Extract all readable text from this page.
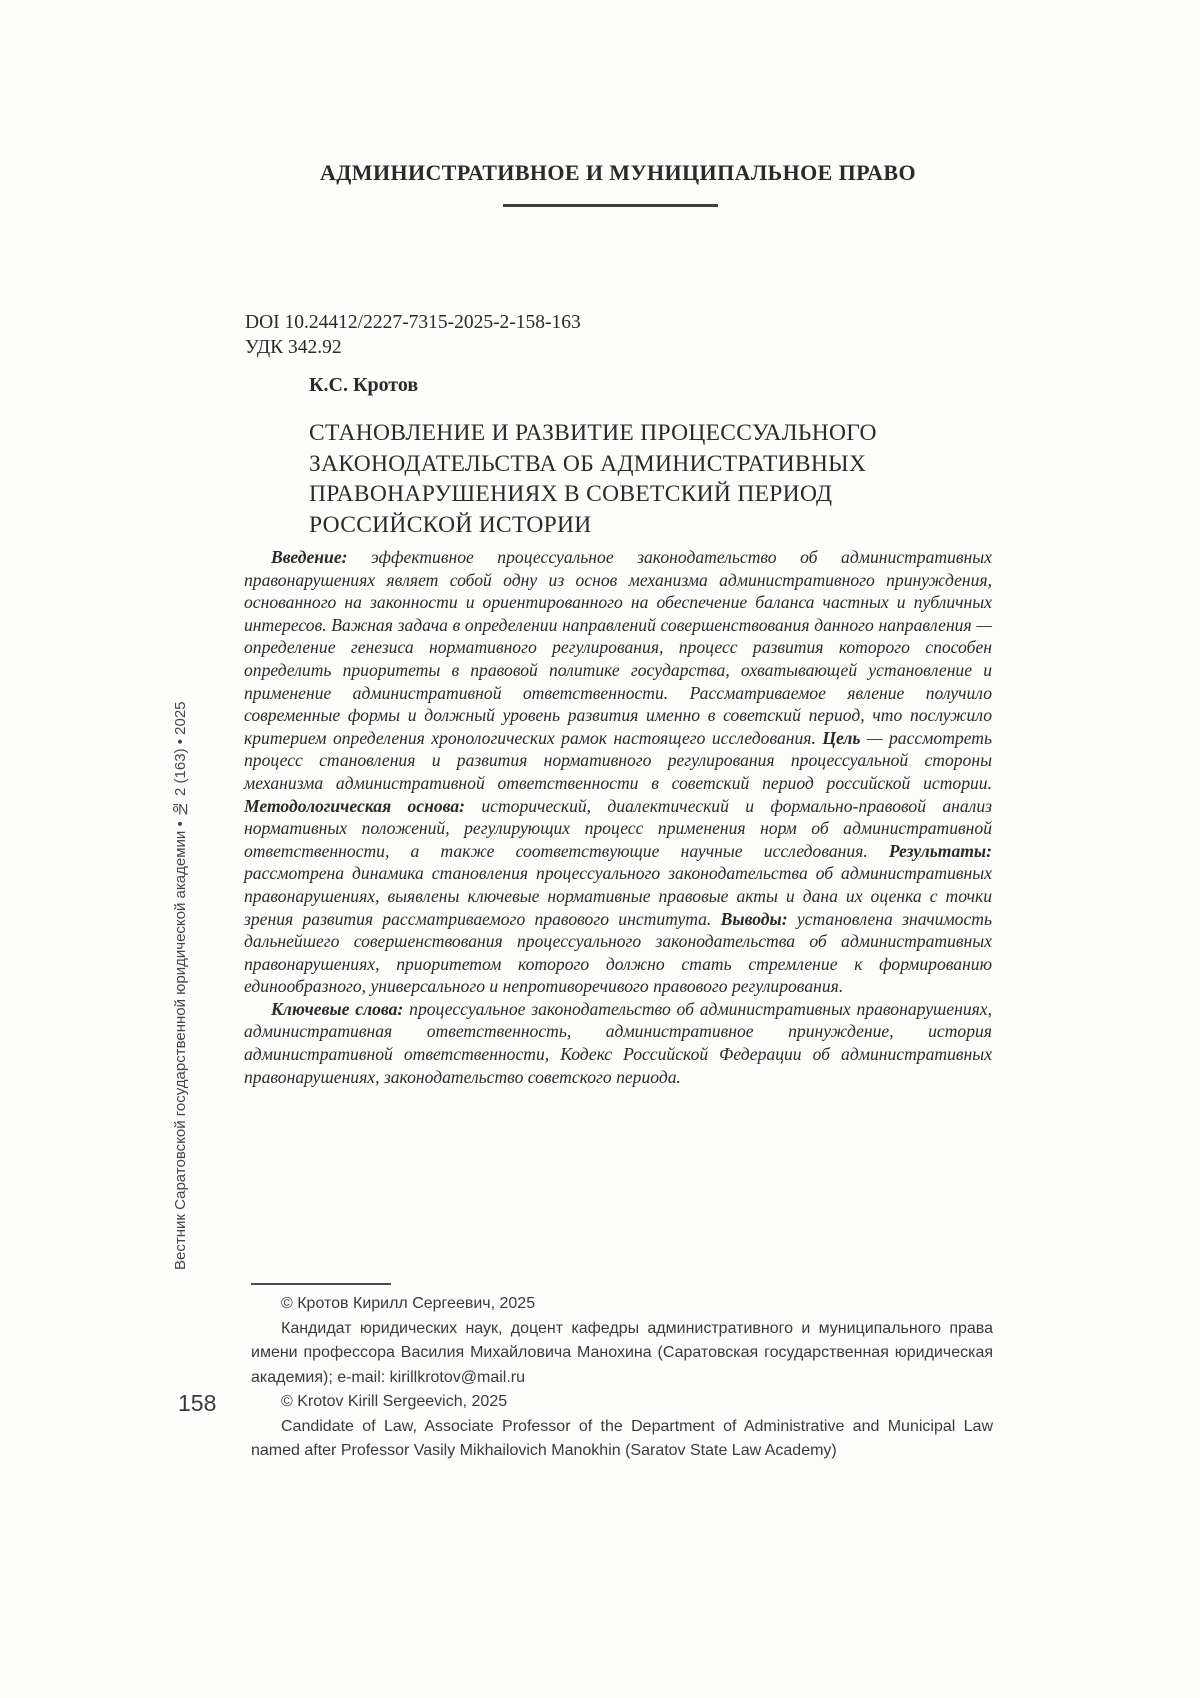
АДМИНИСТРАТИВНОЕ И МУНИЦИПАЛЬНОЕ ПРАВО
DOI 10.24412/2227-7315-2025-2-158-163
УДК 342.92
К.С. Кротов
СТАНОВЛЕНИЕ И РАЗВИТИЕ ПРОЦЕССУАЛЬНОГО
ЗАКОНОДАТЕЛЬСТВА ОБ АДМИНИСТРАТИВНЫХ
ПРАВОНАРУШЕНИЯХ В СОВЕТСКИЙ ПЕРИОД
РОССИЙСКОЙ ИСТОРИИ

Введение: эффективное процессуальное законодательство об административных правонарушениях являет собой одну из основ механизма административного принуждения, основанного на законности и ориентированного на обеспечение баланса частных и публичных интересов. Важная задача в определении направлений совершенствования данного направления — определение генезиса нормативного регулирования, процесс развития которого способен определить приоритеты в правовой политике государства, охватывающей установление и применение административной ответственности. Рассматриваемое явление получило современные формы и должный уровень развития именно в советский период, что послужило критерием определения хронологических рамок настоящего исследования. Цель — рассмотреть процесс становления и развития нормативного регулирования процессуальной стороны механизма административной ответственности в советский период российской истории. Методологическая основа: исторический, диалектический и формально-правовой анализ нормативных положений, регулирующих процесс применения норм об административной ответственности, а также соответствующие научные исследования. Результаты: рассмотрена динамика становления процессуального законодательства об административных правонарушениях, выявлены ключевые нормативные правовые акты и дана их оценка с точки зрения развития рассматриваемого правового института. Выводы: установлена значимость дальнейшего совершенствования процессуального законодательства об административных правонарушениях, приоритетом которого должно стать стремление к формированию единообразного, универсального и непротиворечивого правового регулирования.

Ключевые слова: процессуальное законодательство об административных правонарушениях, административная ответственность, административное принуждение, история административной ответственности, Кодекс Российской Федерации об административных правонарушениях, законодательство советского периода.

© Кротов Кирилл Сергеевич, 2025

Кандидат юридических наук, доцент кафедры административного и муниципального права имени профессора Василия Михайловича Манохина (Саратовская государственная юридическая академия); e-mail: kirillkrotov@mail.ru

© Krotov Kirill Sergeevich, 2025

Candidate of Law, Associate Professor of the Department of Administrative and Municipal Law named after Professor Vasily Mikhailovich Manokhin (Saratov State Law Academy)

Вестник Саратовской государственной юридической академии • № 2 (163) • 2025
158
